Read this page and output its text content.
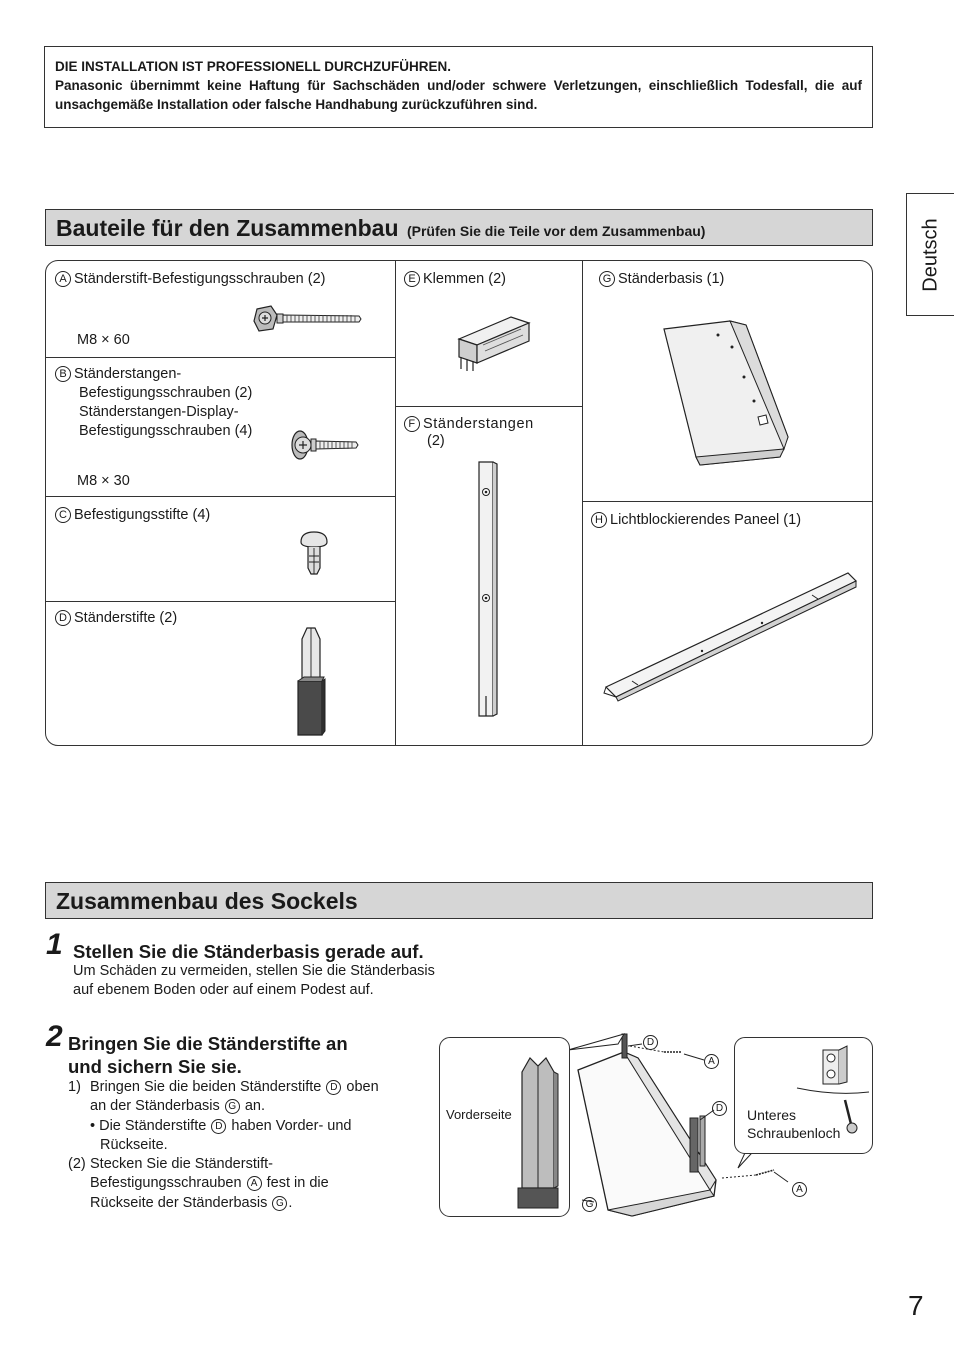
DIE INSTALLATION IST PROFESSIONELL DURCHZUFÜHREN.
Panasonic übernimmt keine Haftung für Sachschäden und/oder schwere Verletzungen, einschließlich Todesfall, die auf unsachgemäße Installation oder falsche Handhabung zurückzuführen sind.
Deutsch
Bauteile für den Zusammenbau (Prüfen Sie die Teile vor dem Zusammenbau)
A Ständerstift-Befestigungsschrauben (2)
M8 × 60
B Ständerstangen-
Befestigungsschrauben (2)
Ständerstangen-Display-
Befestigungsschrauben (4)
M8 × 30
C Befestigungsstifte (4)
D Ständerstifte (2)
E Klemmen (2)
F Ständerstangen
(2)
G Ständerbasis (1)
H Lichtblockierendes Paneel (1)
Zusammenbau des Sockels
1 Stellen Sie die Ständerbasis gerade auf.
Um Schäden zu vermeiden, stellen Sie die Ständerbasis
auf ebenem Boden oder auf einem Podest auf.
2 Bringen Sie die Ständerstifte an
und sichern Sie sie.
1) Bringen Sie die beiden Ständerstifte D oben
an der Ständerbasis G an.
• Die Ständerstifte D haben Vorder- und
Rückseite.
(2) Stecken Sie die Ständerstift-
Befestigungsschrauben A fest in die
Rückseite der Ständerbasis G .
Vorderseite	Unteres
Schraubenloch
D
A
D
G
A
7
